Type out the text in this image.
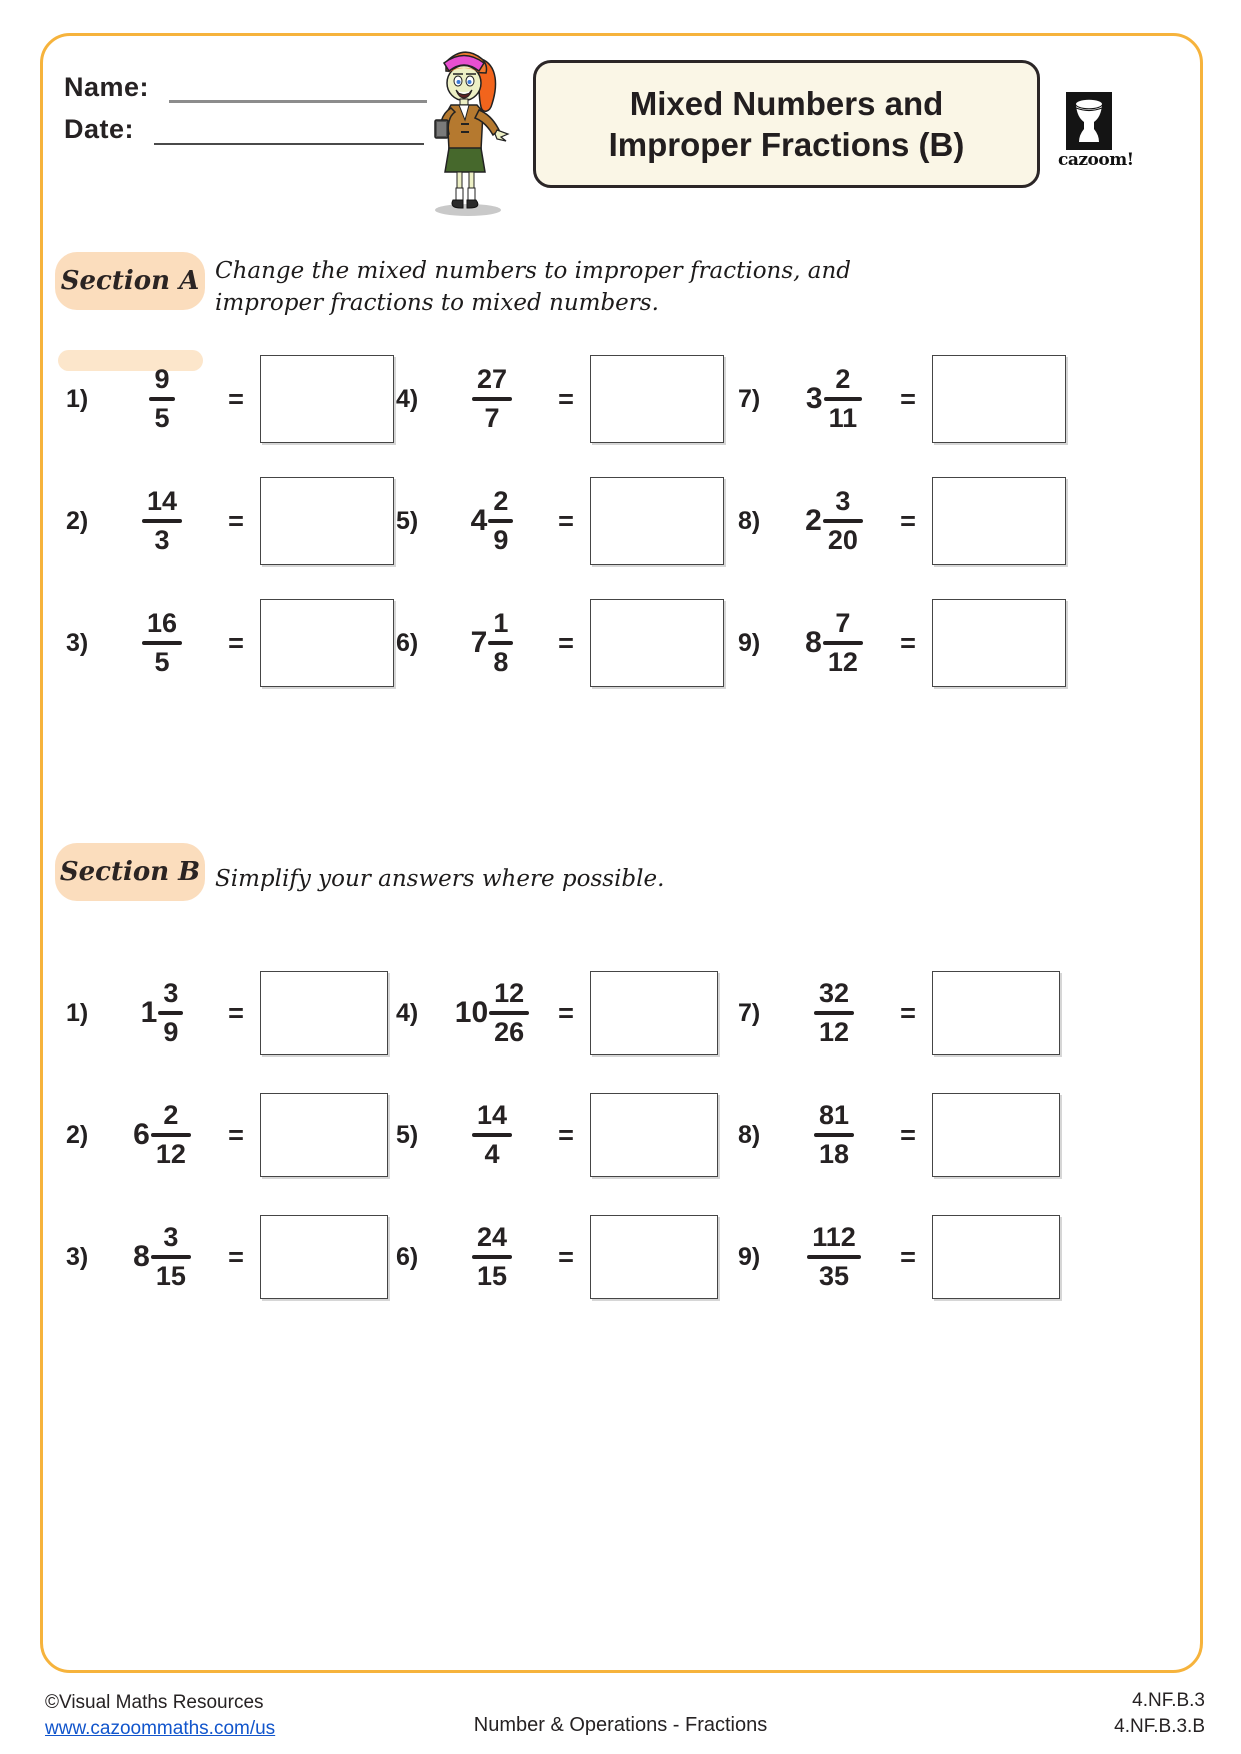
Name:
Date:
Mixed Numbers and
Improper Fractions (B)	cazoom!
Section A Change the mixed numbers to improper fractions, and improper fractions to mixed numbers.
1)	$\frac{9}{5}$	=	4)	$\frac{27}{7}$	=	7)	$3 \frac{2}{11}$	=
2)	$\frac{14}{3}$	=	5)	$4 \frac{2}{9}$	=	8)	$2 \frac{3}{20}$	=
3)	$\frac{16}{5}$	=	6)	$7 \frac{1}{8}$	=	9)	$8 \frac{7}{12}$	=
Section B Simplify your answers where possible.
1)	$1 \frac{3}{9}$	=	4)	$10 \frac{12}{26}$	=	7)	$\frac{32}{12}$	=
2)	$6 \frac{2}{12}$	=	5)	$\frac{14}{4}$	=	8)	$\frac{81}{18}$	=
3)	$8 \frac{3}{15}$	=	6)	$\frac{24}{15}$	=	9)	$\frac{112}{35}$	=
©Visual Maths Resources
www.cazoommaths.com/us	Number & Operations - Fractions
4.NF.B.3
4.NF.B.3.B
